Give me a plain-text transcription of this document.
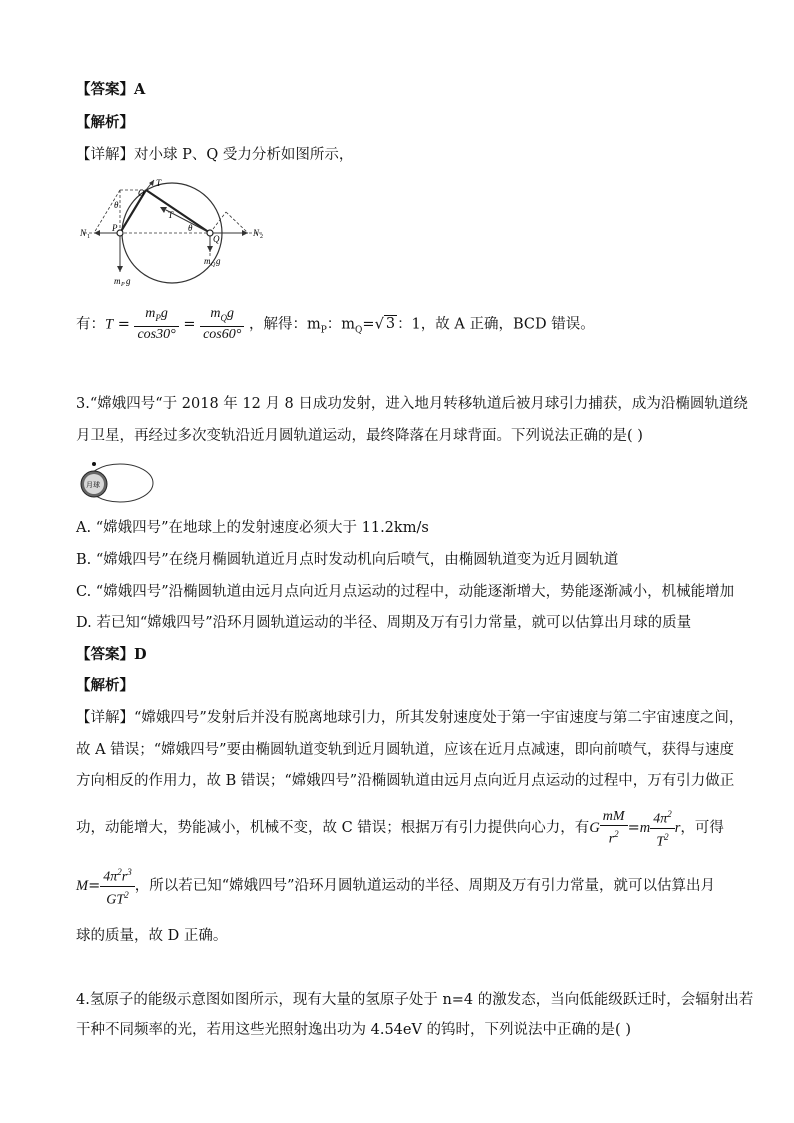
【答案】A
【解析】
【详解】对小球 P、Q 受力分析如图所示，
T
O
θ
N 1
P
T
θ
Q
N 2
m Q g
m P g
有：$T = \frac{m_Pg}{\cos 30^\circ} = \frac{m_Qg}{\cos 60^\circ}$ ，解得：$m_P$：$m_Q=√$ 3 ：1，故 A 正确，BCD 错误。
3.“嫦娥四号“于 2018 年 12 月 8 日成功发射，进入地月转移轨道后被月球引力捕获，成为沿椭圆轨道绕
月卫星，再经过多次变轨沿近月圆轨道运动，最终降落在月球背面。下列说法正确的是( )
月球
A. “嫦娥四号”在地球上的发射速度必须大于 11.2km/s
B. “嫦娥四号”在绕月椭圆轨道近月点时发动机向后喷气，由椭圆轨道变为近月圆轨道
C. “嫦娥四号”沿椭圆轨道由远月点向近月点运动的过程中，动能逐渐增大，势能逐渐减小，机械能增加
D. 若已知“嫦娥四号”沿环月圆轨道运动的半径、周期及万有引力常量，就可以估算出月球的质量
【答案】D
【解析】
【详解】“嫦娥四号”发射后并没有脱离地球引力，所其发射速度处于第一宇宙速度与第二宇宙速度之间，
故 A 错误；“嫦娥四号”要由椭圆轨道变轨到近月圆轨道，应该在近月点减速，即向前喷气，获得与速度
方向相反的作用力，故 B 错误；“嫦娥四号”沿椭圆轨道由远月点向近月点运动的过程中，万有引力做正
功，动能增大，势能减小，机械不变，故 C 错误；根据万有引力提供向心力，有G $\frac{mM}{r^2} =m \frac{4\pi^2}{T^2}$ r，可得
$M= \frac{4\pi^2r^3}{GT^2}$ ，所以若已知“嫦娥四号”沿环月圆轨道运动的半径、周期及万有引力常量，就可以估算出月
球的质量，故 D 正确。
4.氢原子的能级示意图如图所示，现有大量的氢原子处于 n=4 的激发态，当向低能级跃迁时，会辐射出若
干种不同频率的光，若用这些光照射逸出功为 4.54eV 的钨时，下列说法中正确的是( )
